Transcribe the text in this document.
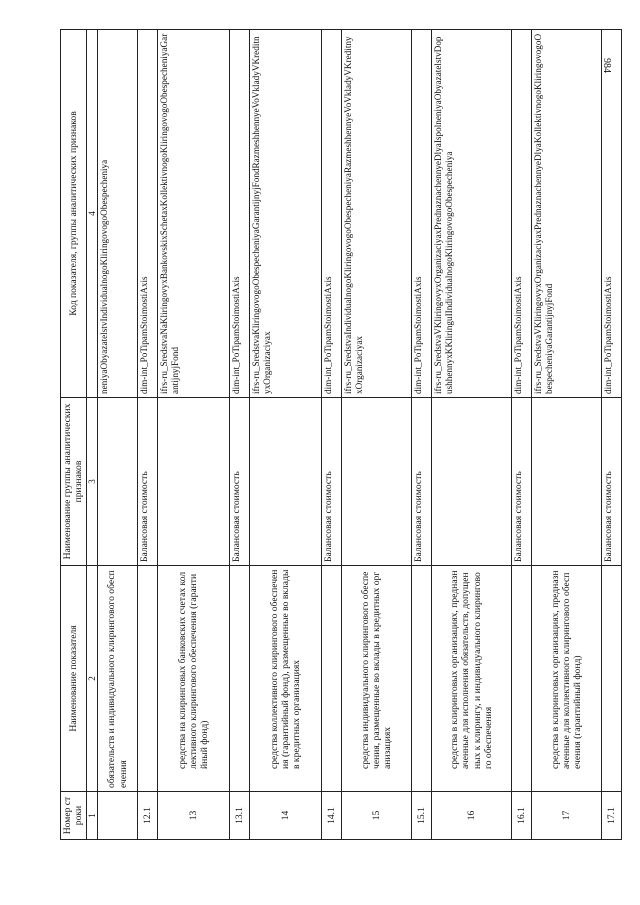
984
Номер строки	Наименование показателя	Наименование группы аналитических признаков	Код показателя, группы аналитических признаков
1	2	3	4
	обязательств и индивидуального клирингового обеспечения		neniyaObyazatelstvIndividualnogoKliringovogoObespecheniya
12.1		Балансовая стоимость	dim-int_PoTipamStoimostiAxis
13	средства на клиринговых банковских счетах коллективного клирингового обеспечения (гарантийный фонд)		ifrs-ru_SredstvaNaKliringovyxBankovskixSchetaxKollektivnogoKliringovogoObespecheniyaGarantijnyjFond
13.1		Балансовая стоимость	dim-int_PoTipamStoimostiAxis
14	средства коллективного клирингового обеспечения (гарантийный фонд), размещенные во вклады в кредитных организациях		ifrs-ru_SredstvaKliringovogoObespecheniyaGarantijnyjFondRazmeshhennyeVoVkladyVKreditnyxOrganizaciyax
14.1		Балансовая стоимость	dim-int_PoTipamStoimostiAxis
15	средства индивидуального клирингового обеспечения, размещенные во вклады в кредитных организациях		ifrs-ru_SredstvaIndividualnogoKliringovogoObespecheniyaRazmeshhennyeVoVkladyVKreditnyxOrganizaciyax
15.1		Балансовая стоимость	dim-int_PoTipamStoimostiAxis
16	средства в клиринговых организациях, предназначенные для исполнения обязательств, допущенных к клирингу, и индивидуального клирингового обеспечения		ifrs-ru_SredstvaVKliringovyxOrganizaciyaxPrednaznachennyeDlyaIspolneniyaObyazatelstvDopushhennyxKKliringuIIndividualnogoKliringovogoObespecheniya
16.1		Балансовая стоимость	dim-int_PoTipamStoimostiAxis
17	средства в клиринговых организациях, предназначенные для коллективного клирингового обеспечения (гарантийный фонд)		ifrs-ru_SredstvaVKliringovyxOrganizaciyaxPrednaznachennyeDlyaKollektivnogoKliringovogoObespecheniyaGarantijnyjFond
17.1		Балансовая стоимость	dim-int_PoTipamStoimostiAxis
